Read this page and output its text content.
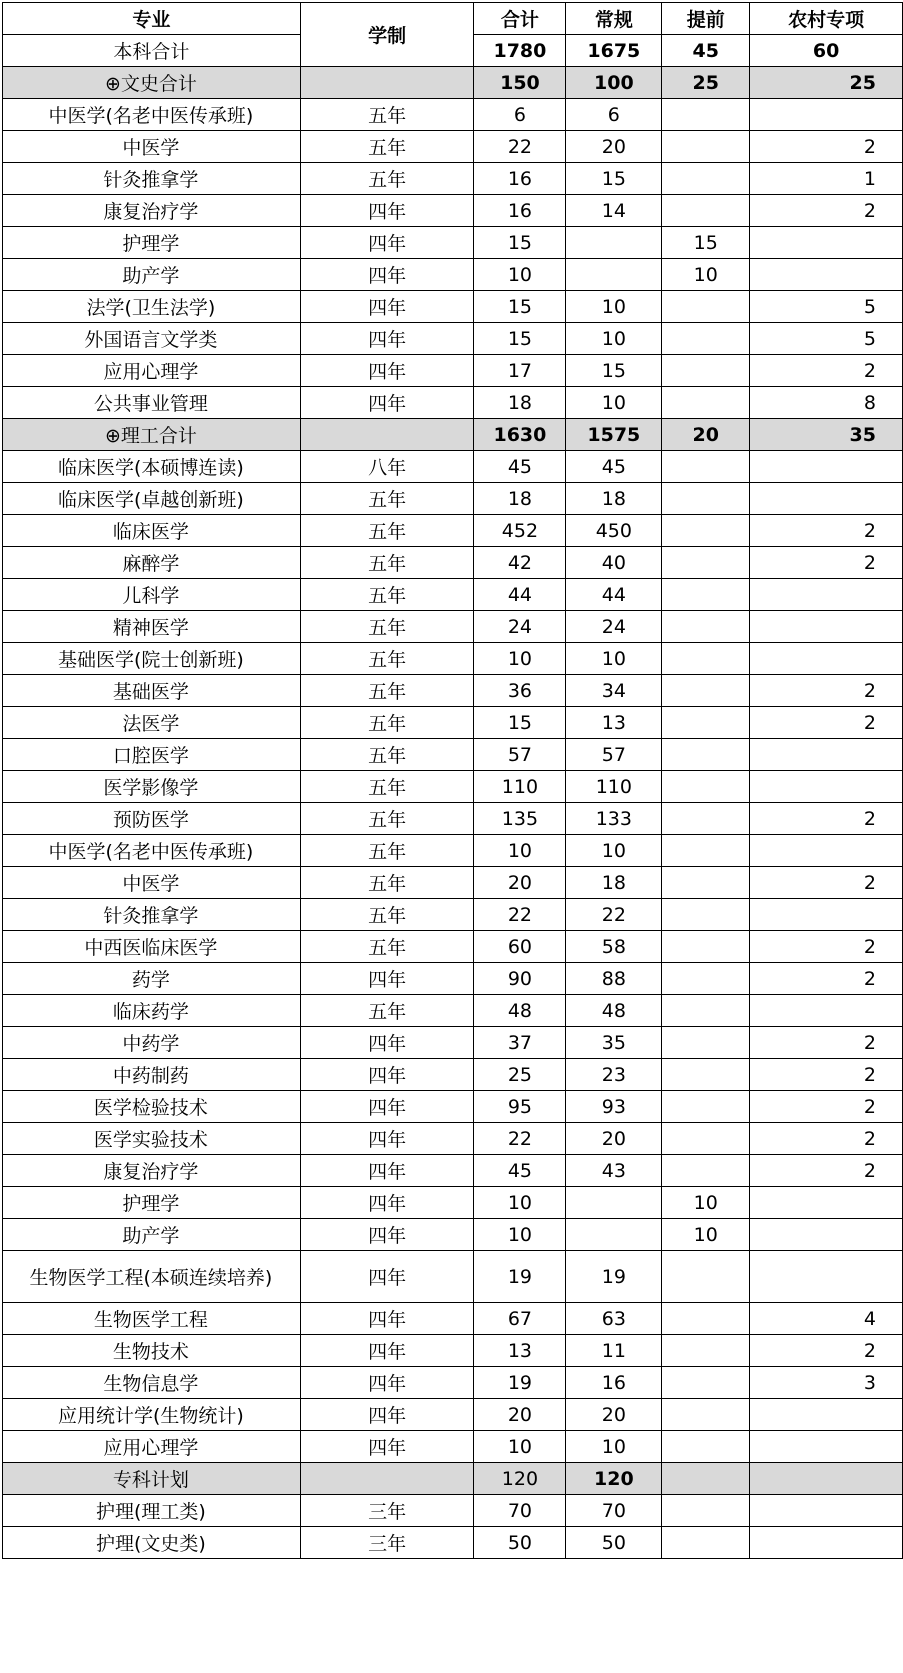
专业	学制	合计	常规	提前	农村专项
本科合计		1780	1675	45	60
⊕文史合计		150	100	25	25
中医学(名老中医传承班)	五年	6	6		
中医学	五年	22	20		2
针灸推拿学	五年	16	15		1
康复治疗学	四年	16	14		2
护理学	四年	15		15	
助产学	四年	10		10	
法学(卫生法学)	四年	15	10		5
外国语言文学类	四年	15	10		5
应用心理学	四年	17	15		2
公共事业管理	四年	18	10		8
⊕理工合计		1630	1575	20	35
临床医学(本硕博连读)	八年	45	45		
临床医学(卓越创新班)	五年	18	18		
临床医学	五年	452	450		2
麻醉学	五年	42	40		2
儿科学	五年	44	44		
精神医学	五年	24	24		
基础医学(院士创新班)	五年	10	10		
基础医学	五年	36	34		2
法医学	五年	15	13		2
口腔医学	五年	57	57		
医学影像学	五年	110	110		
预防医学	五年	135	133		2
中医学(名老中医传承班)	五年	10	10		
中医学	五年	20	18		2
针灸推拿学	五年	22	22		
中西医临床医学	五年	60	58		2
药学	四年	90	88		2
临床药学	五年	48	48		
中药学	四年	37	35		2
中药制药	四年	25	23		2
医学检验技术	四年	95	93		2
医学实验技术	四年	22	20		2
康复治疗学	四年	45	43		2
护理学	四年	10		10	
助产学	四年	10		10	
生物医学工程(本硕连续培养)	四年	19	19		
生物医学工程	四年	67	63		4
生物技术	四年	13	11		2
生物信息学	四年	19	16		3
应用统计学(生物统计)	四年	20	20		
应用心理学	四年	10	10		
专科计划		120	120		
护理(理工类)	三年	70	70		
护理(文史类)	三年	50	50		
